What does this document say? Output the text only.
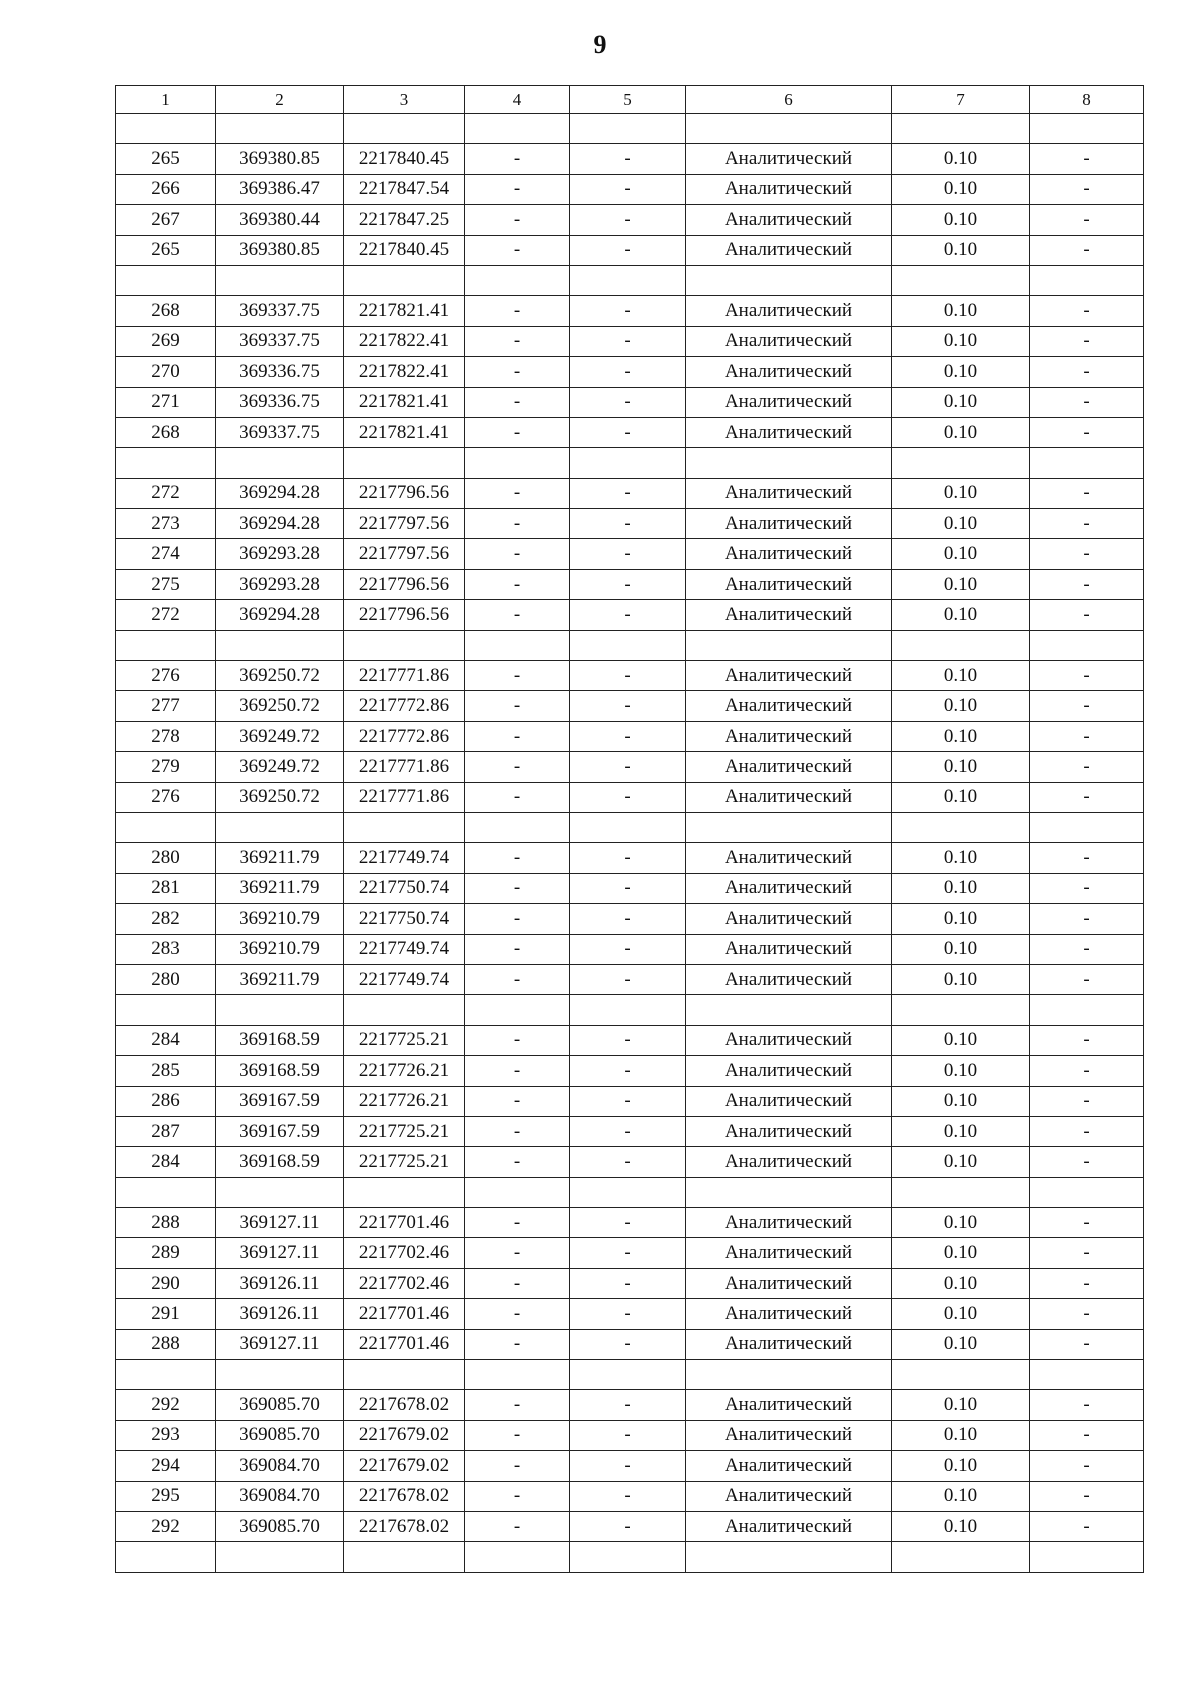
9
1	2	3	4	5	6	7	8

265	369380.85	2217840.45	-	-	Аналитический	0.10	-
266	369386.47	2217847.54	-	-	Аналитический	0.10	-
267	369380.44	2217847.25	-	-	Аналитический	0.10	-
265	369380.85	2217840.45	-	-	Аналитический	0.10	-

268	369337.75	2217821.41	-	-	Аналитический	0.10	-
269	369337.75	2217822.41	-	-	Аналитический	0.10	-
270	369336.75	2217822.41	-	-	Аналитический	0.10	-
271	369336.75	2217821.41	-	-	Аналитический	0.10	-
268	369337.75	2217821.41	-	-	Аналитический	0.10	-

272	369294.28	2217796.56	-	-	Аналитический	0.10	-
273	369294.28	2217797.56	-	-	Аналитический	0.10	-
274	369293.28	2217797.56	-	-	Аналитический	0.10	-
275	369293.28	2217796.56	-	-	Аналитический	0.10	-
272	369294.28	2217796.56	-	-	Аналитический	0.10	-

276	369250.72	2217771.86	-	-	Аналитический	0.10	-
277	369250.72	2217772.86	-	-	Аналитический	0.10	-
278	369249.72	2217772.86	-	-	Аналитический	0.10	-
279	369249.72	2217771.86	-	-	Аналитический	0.10	-
276	369250.72	2217771.86	-	-	Аналитический	0.10	-

280	369211.79	2217749.74	-	-	Аналитический	0.10	-
281	369211.79	2217750.74	-	-	Аналитический	0.10	-
282	369210.79	2217750.74	-	-	Аналитический	0.10	-
283	369210.79	2217749.74	-	-	Аналитический	0.10	-
280	369211.79	2217749.74	-	-	Аналитический	0.10	-

284	369168.59	2217725.21	-	-	Аналитический	0.10	-
285	369168.59	2217726.21	-	-	Аналитический	0.10	-
286	369167.59	2217726.21	-	-	Аналитический	0.10	-
287	369167.59	2217725.21	-	-	Аналитический	0.10	-
284	369168.59	2217725.21	-	-	Аналитический	0.10	-

288	369127.11	2217701.46	-	-	Аналитический	0.10	-
289	369127.11	2217702.46	-	-	Аналитический	0.10	-
290	369126.11	2217702.46	-	-	Аналитический	0.10	-
291	369126.11	2217701.46	-	-	Аналитический	0.10	-
288	369127.11	2217701.46	-	-	Аналитический	0.10	-

292	369085.70	2217678.02	-	-	Аналитический	0.10	-
293	369085.70	2217679.02	-	-	Аналитический	0.10	-
294	369084.70	2217679.02	-	-	Аналитический	0.10	-
295	369084.70	2217678.02	-	-	Аналитический	0.10	-
292	369085.70	2217678.02	-	-	Аналитический	0.10	-
